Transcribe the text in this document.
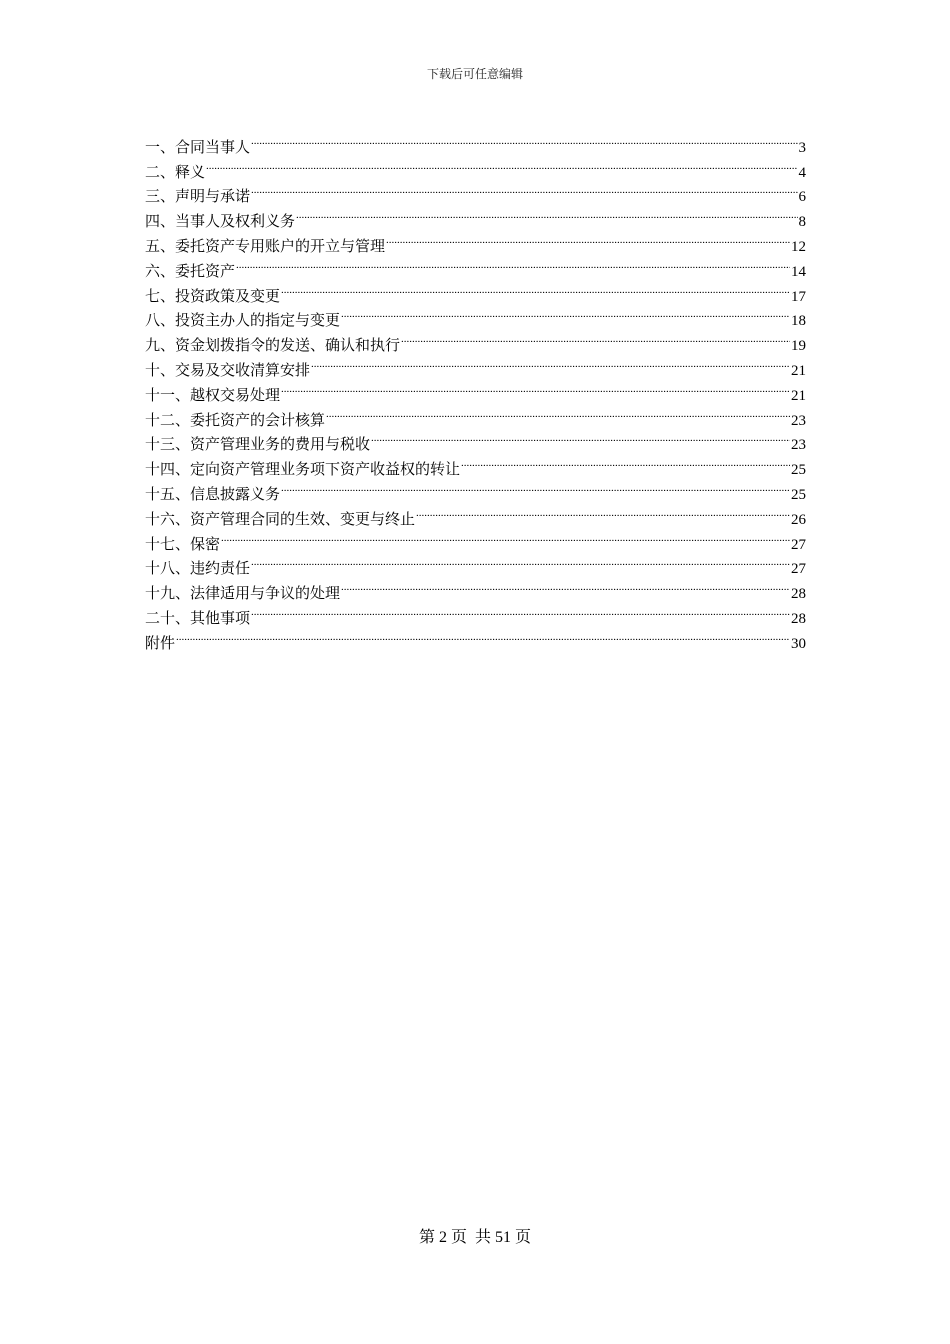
下载后可任意编辑
一、合同当事人 .....	3
二、释义 .....	4
三、声明与承诺 .....	6
四、当事人及权利义务 .....	8
五、委托资产专用账户的开立与管理 .....	12
六、委托资产 .....	14
七、投资政策及变更 .....	17
八、投资主办人的指定与变更 .....	18
九、资金划拨指令的发送、确认和执行 .....	19
十、交易及交收清算安排 .....	21
十一、越权交易处理 .....	21
十二、委托资产的会计核算 .....	23
十三、资产管理业务的费用与税收 .....	23
十四、定向资产管理业务项下资产收益权的转让 .....	25
十五、信息披露义务 .....	25
十六、资产管理合同的生效、变更与终止 .....	26
十七、保密 .....	27
十八、违约责任 .....	27
十九、法律适用与争议的处理 .....	28
二十、其他事项 .....	28
附件 .....	30
第 2 页  共 51 页
